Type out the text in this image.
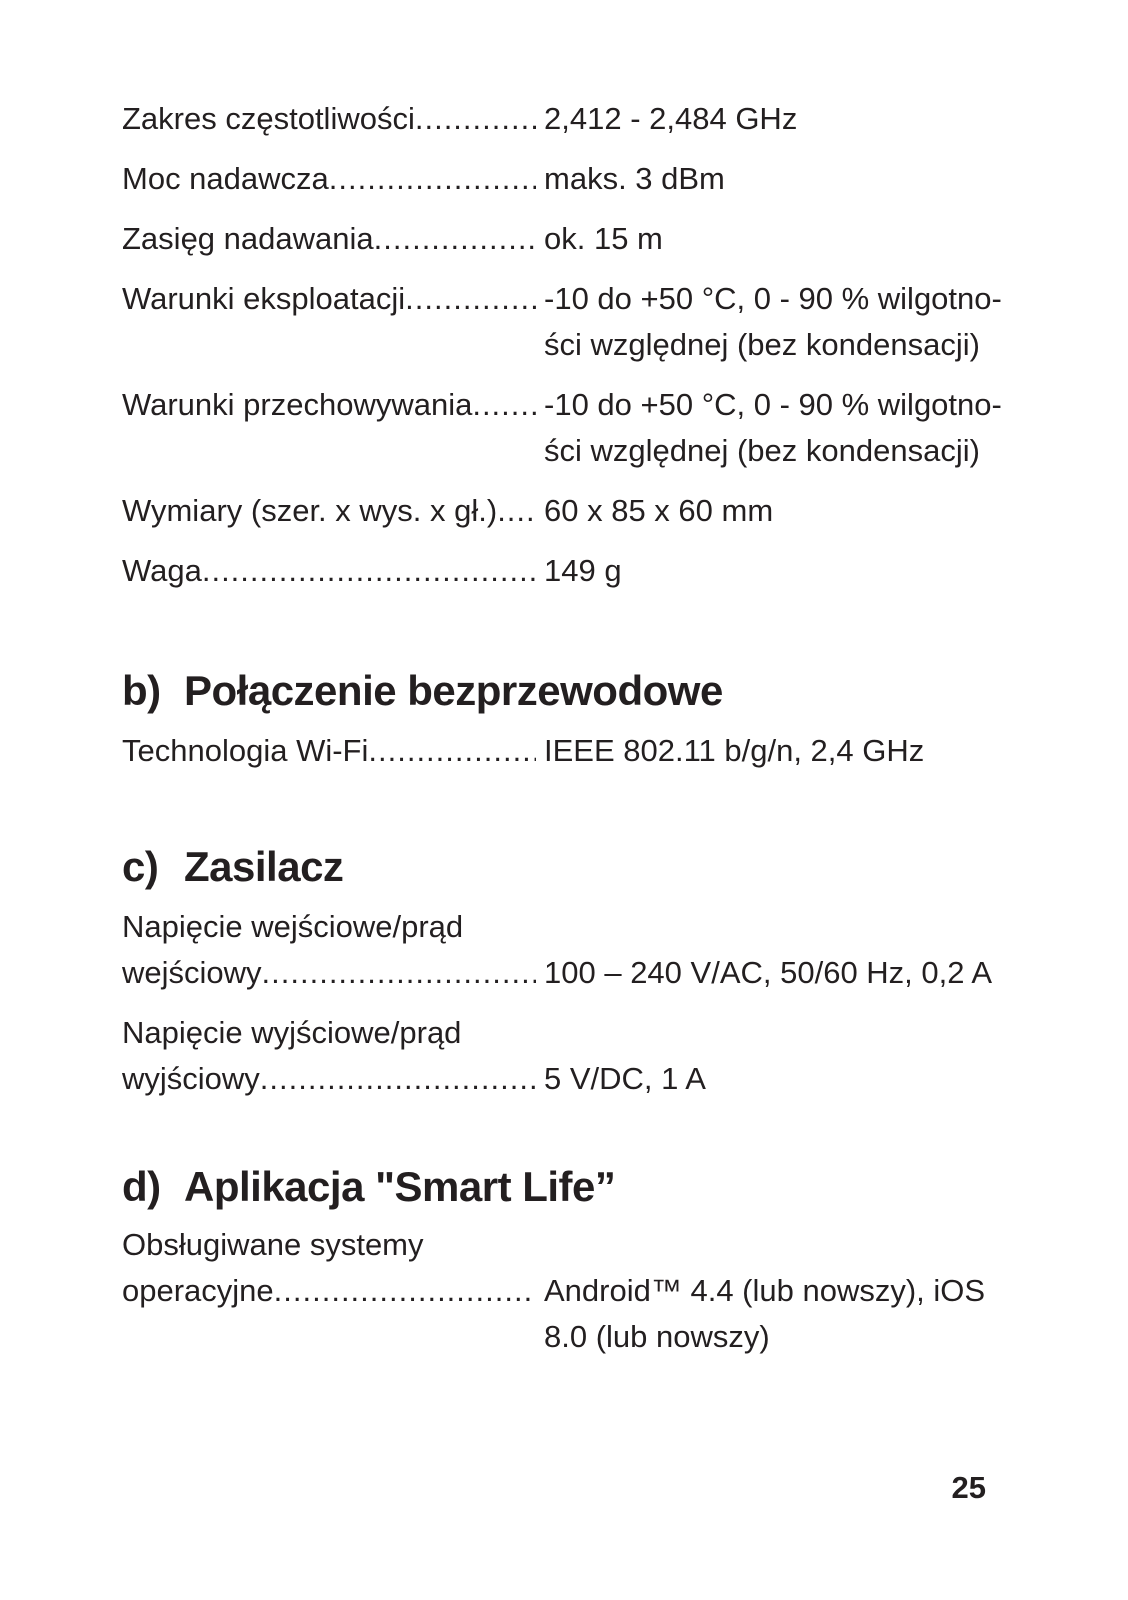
Zakres częstotliwości .....	2,412 - 2,484 GHz
Moc nadawcza .....	maks. 3 dBm
Zasięg nadawania .....	ok. 15 m
Warunki eksploatacji .....	-10 do +50 °C, 0 - 90 % wilgotno-
ści względnej (bez kondensacji)
Warunki przechowywania ..... -10 do +50 °C, 0 - 90 % wilgotno-
ści względnej (bez kondensacji)
Wymiary (szer. x wys. x gł.) ..... 60 x 85 x 60 mm
Waga .....	149 g
b) Połączenie bezprzewodowe
Technologia Wi-Fi .....	IEEE 802.11 b/g/n, 2,4 GHz
c) Zasilacz
Napięcie wejściowe/prąd
wejściowy .....	100 – 240 V/AC, 50/60 Hz, 0,2 A
Napięcie wyjściowe/prąd
wyjściowy .....	5 V/DC, 1 A
d) Aplikacja "Smart Life”
Obsługiwane systemy
operacyjne .....	Android™ 4.4 (lub nowszy), iOS
8.0 (lub nowszy)
25
